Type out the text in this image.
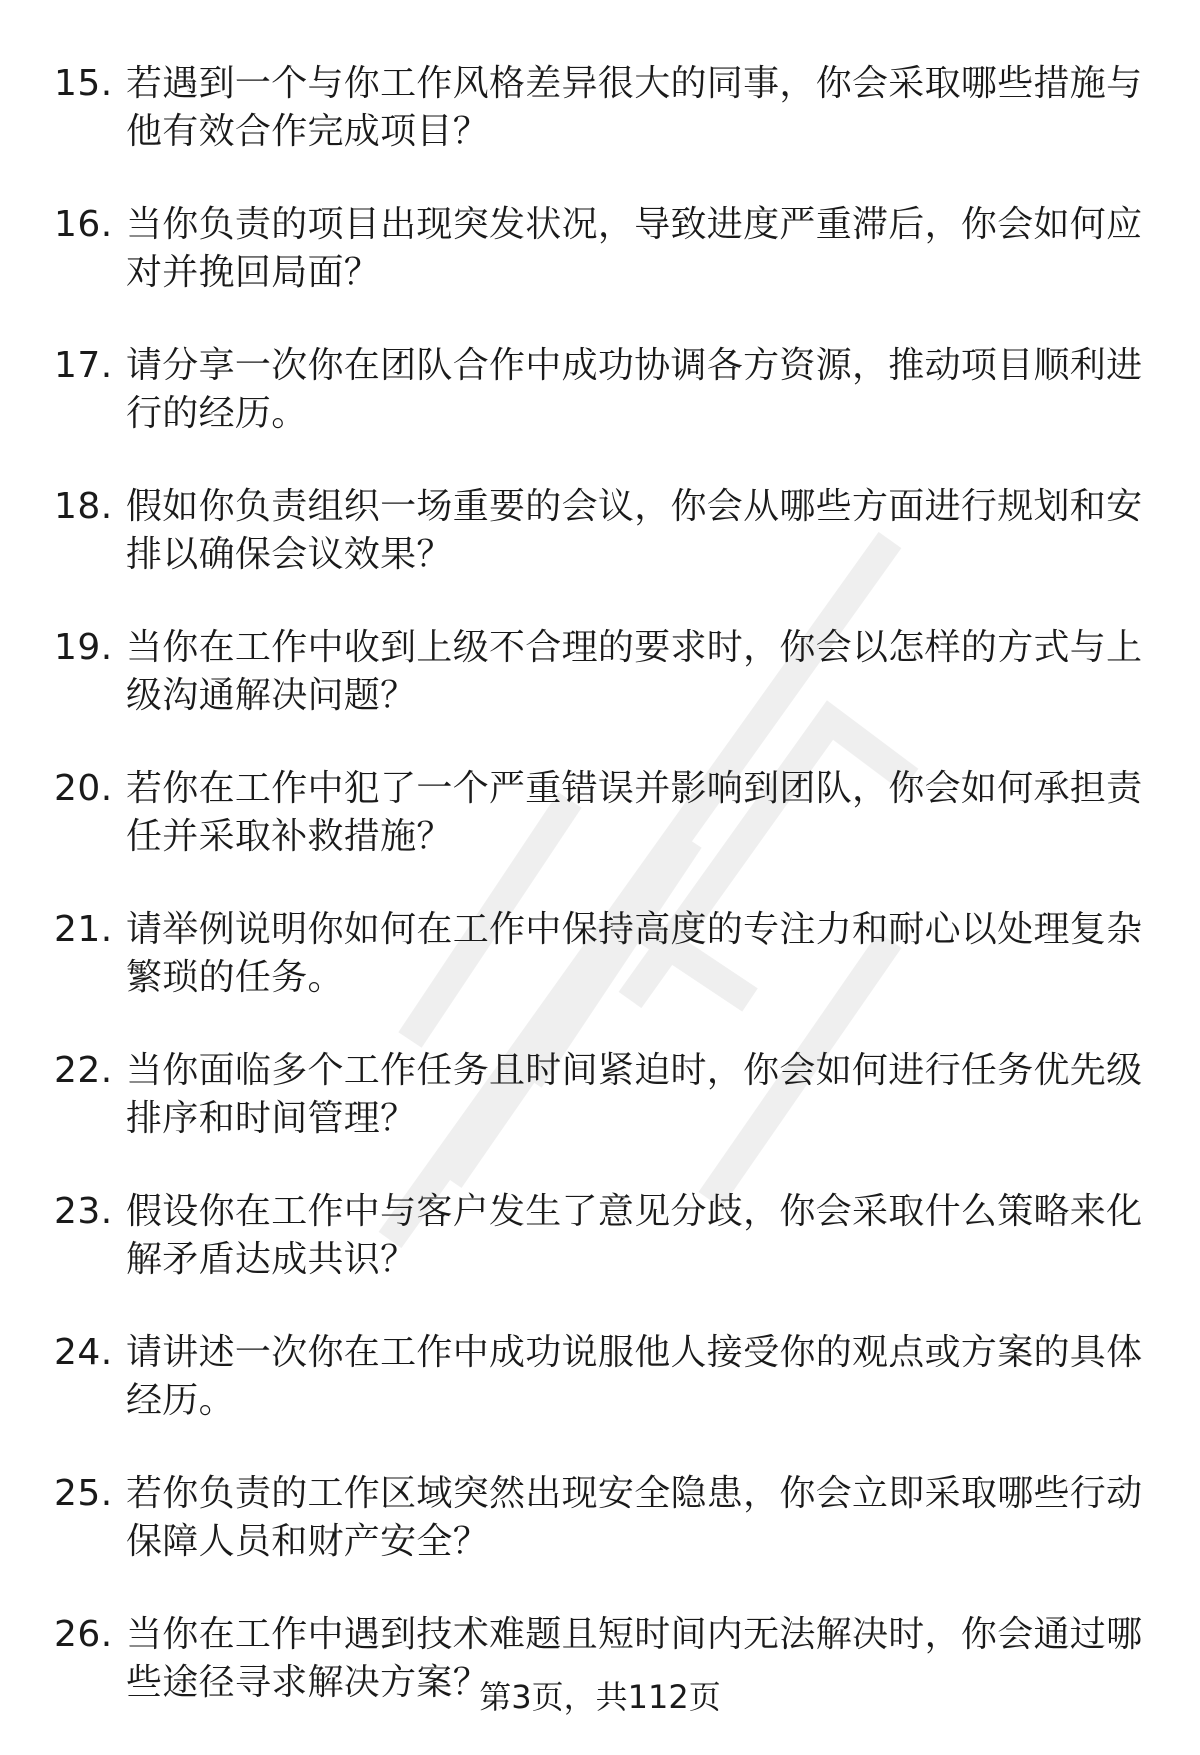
15. 若遇到一个与你工作风格差异很大的同事，你会采取哪些措施与他有效合作完成项目？
16. 当你负责的项目出现突发状况，导致进度严重滞后，你会如何应对并挽回局面？
17. 请分享一次你在团队合作中成功协调各方资源，推动项目顺利进行的经历。
18. 假如你负责组织一场重要的会议，你会从哪些方面进行规划和安排以确保会议效果？
19. 当你在工作中收到上级不合理的要求时，你会以怎样的方式与上级沟通解决问题？
20. 若你在工作中犯了一个严重错误并影响到团队，你会如何承担责任并采取补救措施？
21. 请举例说明你如何在工作中保持高度的专注力和耐心以处理复杂繁琐的任务。
22. 当你面临多个工作任务且时间紧迫时，你会如何进行任务优先级排序和时间管理？
23. 假设你在工作中与客户发生了意见分歧，你会采取什么策略来化解矛盾达成共识？
24. 请讲述一次你在工作中成功说服他人接受你的观点或方案的具体经历。
25. 若你负责的工作区域突然出现安全隐患，你会立即采取哪些行动保障人员和财产安全？
26. 当你在工作中遇到技术难题且短时间内无法解决时，你会通过哪些途径寻求解决方案？
第3页，共112页
